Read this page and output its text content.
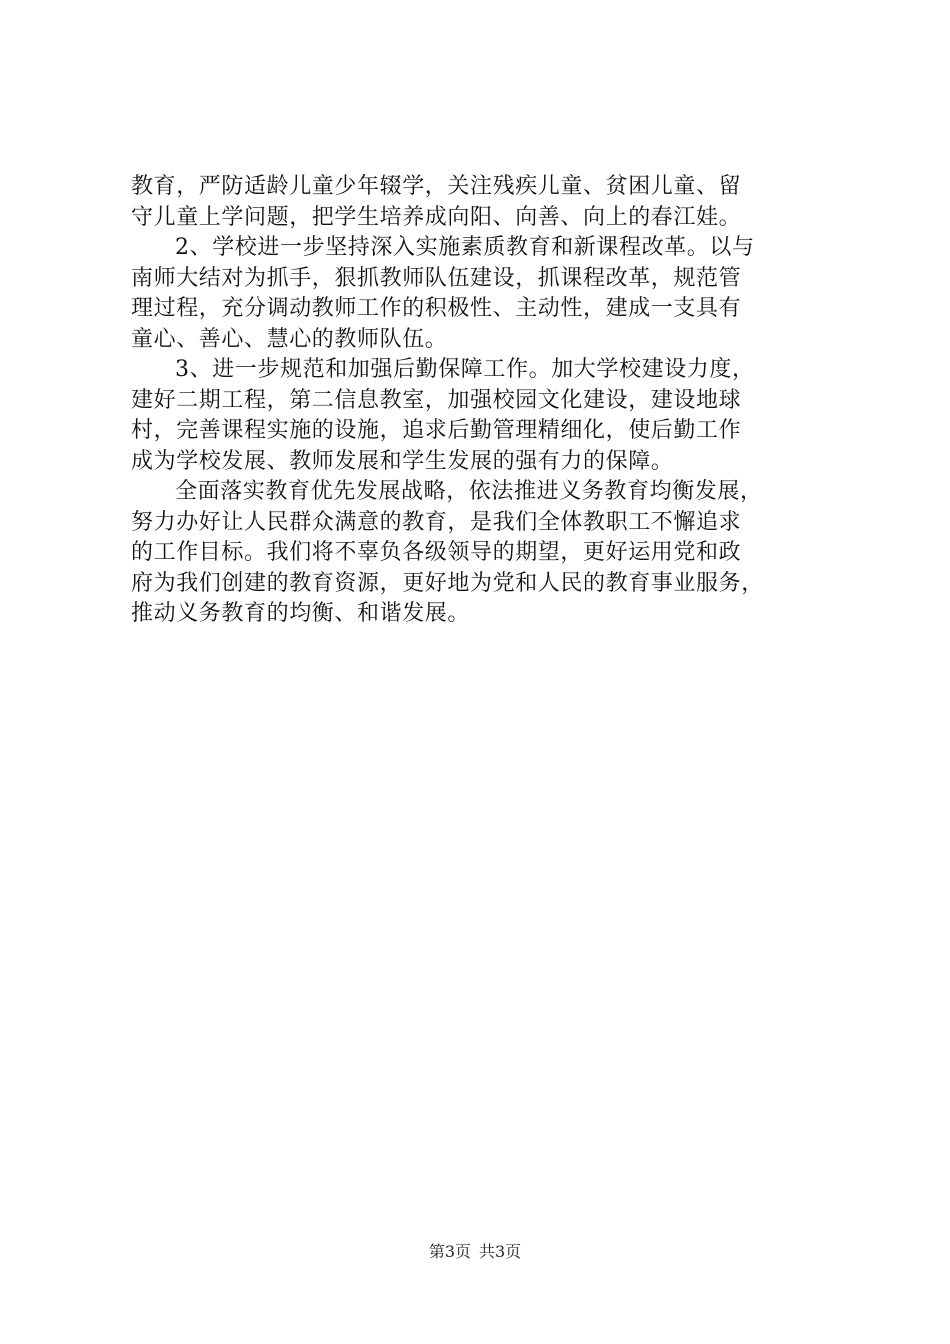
教育，严防适龄儿童少年辍学，关注残疾儿童、贫困儿童、留
守儿童上学问题，把学生培养成向阳、向善、向上的春江娃。
2、学校进一步坚持深入实施素质教育和新课程改革。以与
南师大结对为抓手，狠抓教师队伍建设，抓课程改革，规范管
理过程，充分调动教师工作的积极性、主动性，建成一支具有
童心、善心、慧心的教师队伍。
3、进一步规范和加强后勤保障工作。加大学校建设力度，
建好二期工程，第二信息教室，加强校园文化建设，建设地球
村，完善课程实施的设施，追求后勤管理精细化，使后勤工作
成为学校发展、教师发展和学生发展的强有力的保障。
全面落实教育优先发展战略，依法推进义务教育均衡发展，
努力办好让人民群众满意的教育，是我们全体教职工不懈追求
的工作目标。我们将不辜负各级领导的期望，更好运用党和政
府为我们创建的教育资源，更好地为党和人民的教育事业服务，
推动义务教育的均衡、和谐发展。
第3页 共3页
